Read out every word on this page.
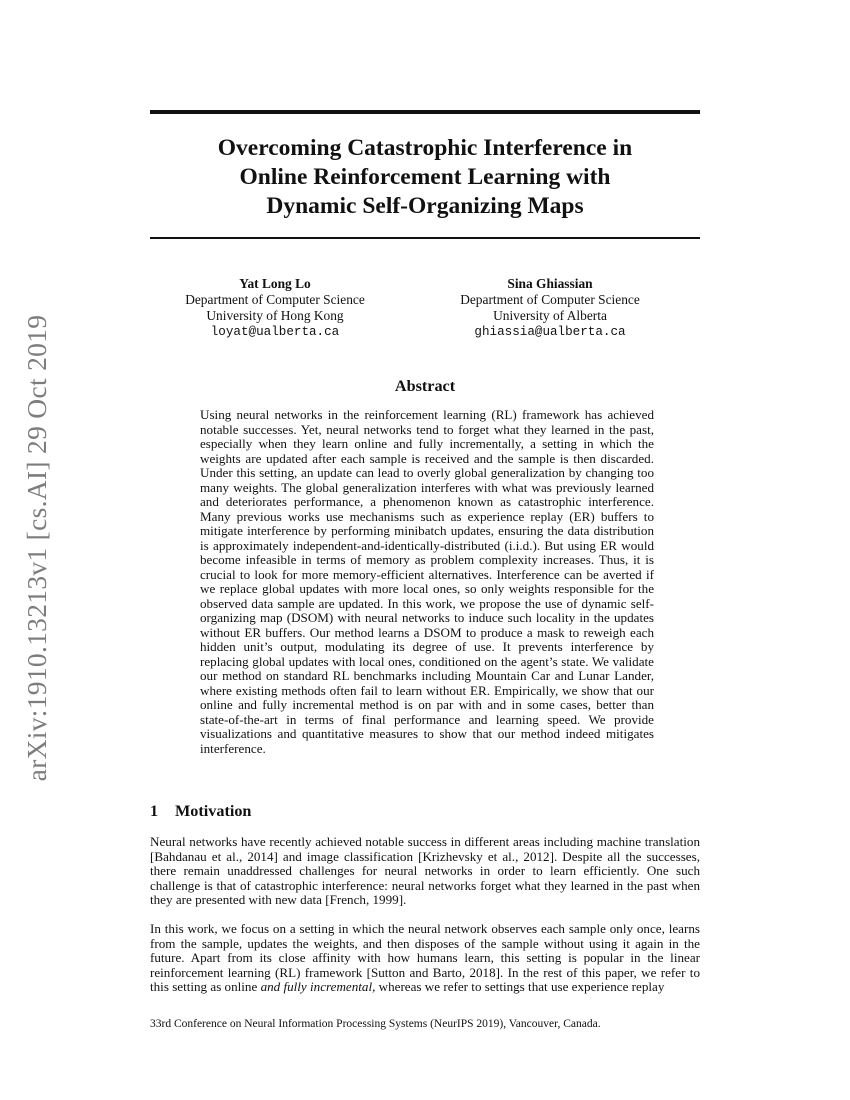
arXiv:1910.13213v1 [cs.AI] 29 Oct 2019
Overcoming Catastrophic Interference in
Online Reinforcement Learning with
Dynamic Self-Organizing Maps
Yat Long Lo
Department of Computer Science
University of Hong Kong
loyat@ualberta.ca
Sina Ghiassian
Department of Computer Science
University of Alberta
ghiassia@ualberta.ca
Abstract

Using neural networks in the reinforcement learning (RL) framework has achieved notable successes. Yet, neural networks tend to forget what they learned in the past, especially when they learn online and fully incrementally, a setting in which the weights are updated after each sample is received and the sample is then discarded. Under this setting, an update can lead to overly global generalization by changing too many weights. The global generalization interferes with what was previously learned and deteriorates performance, a phenomenon known as catastrophic interference. Many previous works use mechanisms such as experience replay (ER) buffers to mitigate interference by performing minibatch updates, ensuring the data distribution is approximately independent-and-identically-distributed (i.i.d.). But using ER would become infeasible in terms of memory as problem complexity increases. Thus, it is crucial to look for more memory-efficient alternatives. Interference can be averted if we replace global updates with more local ones, so only weights responsible for the observed data sample are updated. In this work, we propose the use of dynamic self-organizing map (DSOM) with neural networks to induce such locality in the updates without ER buffers. Our method learns a DSOM to produce a mask to reweigh each hidden unit’s output, modulating its degree of use. It prevents interference by replacing global updates with local ones, conditioned on the agent’s state. We validate our method on standard RL benchmarks including Mountain Car and Lunar Lander, where existing methods often fail to learn without ER. Empirically, we show that our online and fully incremental method is on par with and in some cases, better than state-of-the-art in terms of final performance and learning speed. We provide visualizations and quantitative measures to show that our method indeed mitigates interference.

1 Motivation

Neural networks have recently achieved notable success in different areas including machine translation [Bahdanau et al., 2014] and image classification [Krizhevsky et al., 2012]. Despite all the successes, there remain unaddressed challenges for neural networks in order to learn efficiently. One such challenge is that of catastrophic interference: neural networks forget what they learned in the past when they are presented with new data [French, 1999].

In this work, we focus on a setting in which the neural network observes each sample only once, learns from the sample, updates the weights, and then disposes of the sample without using it again in the future. Apart from its close affinity with how humans learn, this setting is popular in the linear reinforcement learning (RL) framework [Sutton and Barto, 2018]. In the rest of this paper, we refer to this setting as online and fully incremental, whereas we refer to settings that use experience replay

33rd Conference on Neural Information Processing Systems (NeurIPS 2019), Vancouver, Canada.
